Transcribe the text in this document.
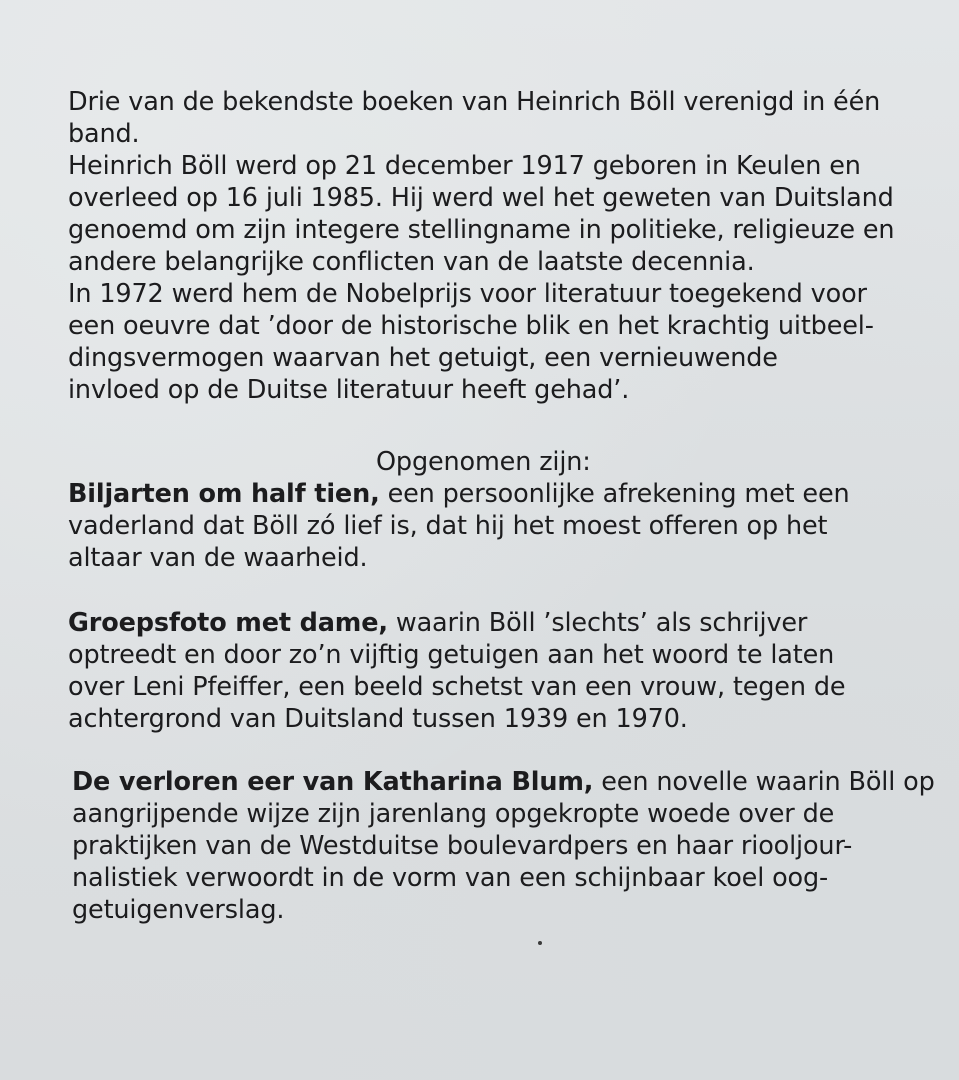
Drie van de bekendste boeken van Heinrich Böll verenigd in één
band.
Heinrich Böll werd op 21 december 1917 geboren in Keulen en
overleed op 16 juli 1985. Hij werd wel het geweten van Duitsland
genoemd om zijn integere stellingname in politieke, religieuze en
andere belangrijke conflicten van de laatste decennia.
In 1972 werd hem de Nobelprijs voor literatuur toegekend voor
een oeuvre dat ’door de historische blik en het krachtig uitbeel-
dingsvermogen waarvan het getuigt, een vernieuwende
invloed op de Duitse literatuur heeft gehad’.
Opgenomen zijn:
Biljarten om half tien, een persoonlijke afrekening met een
vaderland dat Böll zó lief is, dat hij het moest offeren op het
altaar van de waarheid.
Groepsfoto met dame, waarin Böll ’slechts’ als schrijver
optreedt en door zo’n vijftig getuigen aan het woord te laten
over Leni Pfeiffer, een beeld schetst van een vrouw, tegen de
achtergrond van Duitsland tussen 1939 en 1970.
De verloren eer van Katharina Blum, een novelle waarin Böll op
aangrijpende wijze zijn jarenlang opgekropte woede over de
praktijken van de Westduitse boulevardpers en haar riooljour-
nalistiek verwoordt in de vorm van een schijnbaar koel oog-
getuigenverslag.
